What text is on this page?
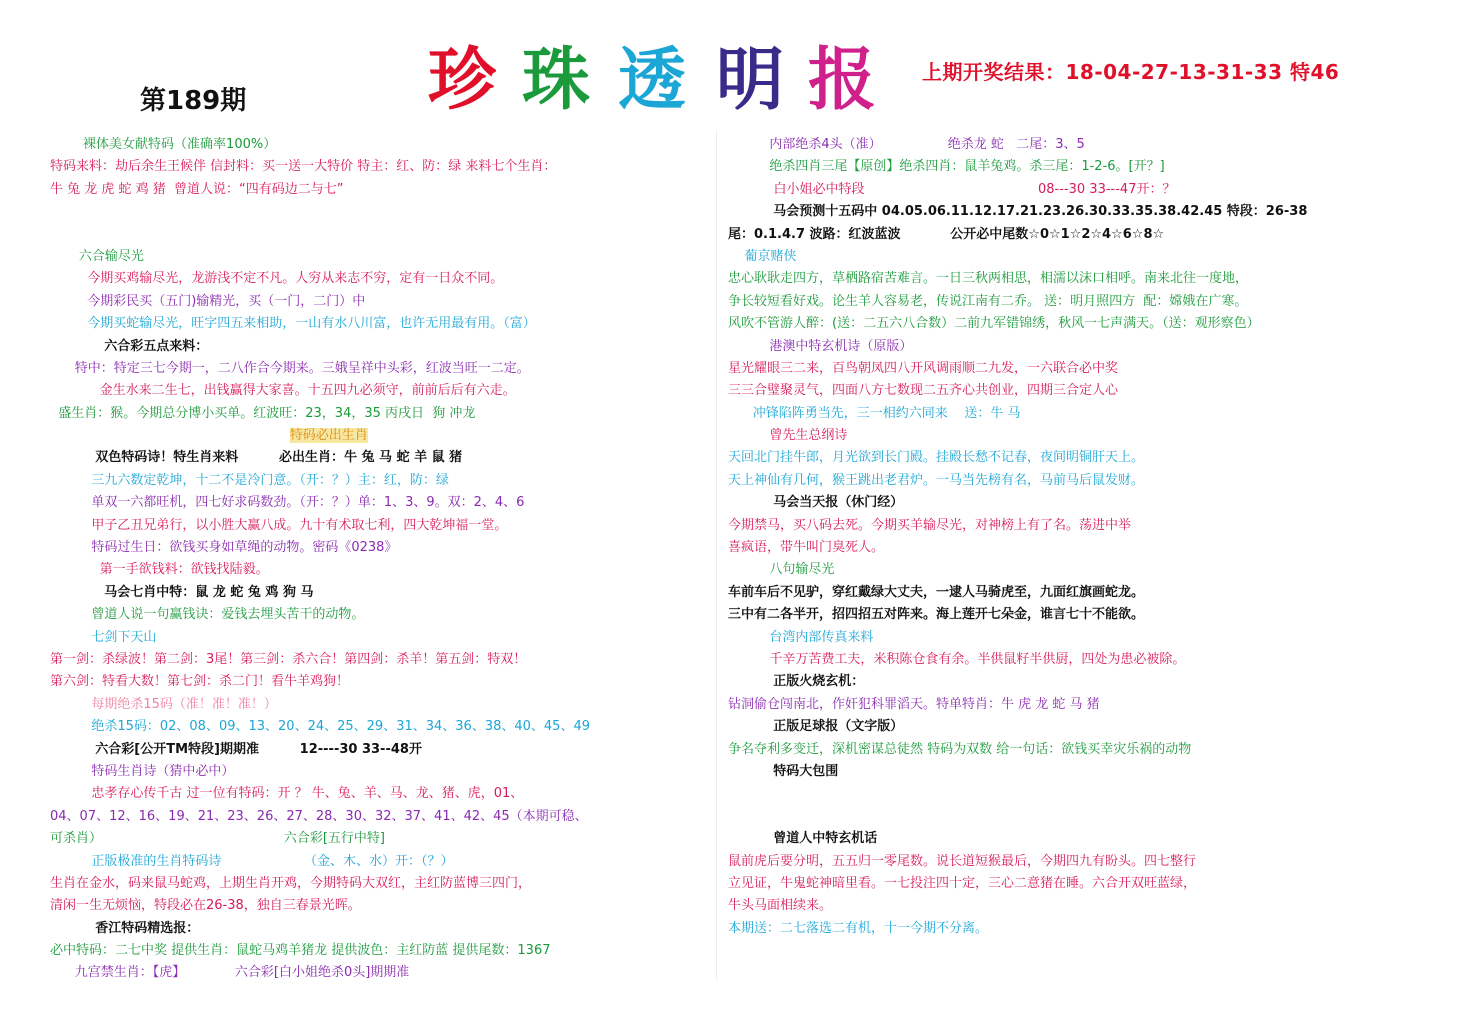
珍 珠 透 明 报
第189期
上期开奖结果：18-04-27-13-31-33 特46
裸体美女献特码（准确率100%）
特码来料：劫后余生王候伴 信封料：买一送一大特价 特主：红、防：绿 来料七个生肖：
牛 兔 龙 虎 蛇 鸡 猪  曾道人说：“四有码边二与七”
六合输尽光
今期买鸡输尽光，龙游浅不定不凡。人穷从来志不穷，定有一日众不同。
今期彩民买（五门)输精光，买（一门，二门）中
今期买蛇输尽光，旺字四五来相助，一山有水八川富，也许无用最有用。（富）
六合彩五点来料：
特中：特定三七今期一，二八作合今期来。三娥呈祥中头彩，红波当旺一二定。
金生水来二生七，出钱赢得大家喜。十五四九必须守，前前后后有六走。
盛生肖：猴。今期总分博小买单。红波旺：23，34，35 丙戌日  狗 冲龙
特码必出生肖
双色特码诗！特生肖来料         必出生肖：牛 兔 马 蛇 羊 鼠 猪
三九六数定乾坤，十二不是冷门意。（开：？）主：红，防：绿
单双一六都旺机，四七好求码数劲。（开：？）单：1、3、9。双：2、4、6
甲子乙丑兄弟行，以小胜大赢八成。九十有术取七利，四大乾坤福一堂。
特码过生日：欲钱买身如草绳的动物。密码《0238》
第一手欲钱料：欲钱找陆毅。
马会七肖中特：鼠 龙 蛇 兔 鸡 狗 马
曾道人说一句赢钱诀：爱钱去埋头苦干的动物。
七剑下天山
第一剑：杀绿波！第二剑：3尾！第三剑：杀六合！第四剑：杀羊！第五剑：特双！
第六剑：特看大数！第七剑：杀二门！看牛羊鸡狗！
每期绝杀15码（准！准！准！）
绝杀15码：02、08、09、13、20、24、25、29、31、34、36、38、40、45、49
六合彩[公开TM特段]期期准         12----30 33--48开
特码生肖诗（猜中必中）
忠孝存心传千古 过一位有特码：开 ？ 牛、兔、羊、马、龙、猪、虎，01、
04、07、12、16、19、21、23、26、27、28、30、32、37、41、42、45（本期可稳、
可杀肖）                                            六合彩[五行中特]
正版极准的生肖特码诗                    （金、木、水）开：（？）
生肖在金水，码来鼠马蛇鸡，上期生肖开鸡，今期特码大双红，主红防蓝博三四门，
清闲一生无烦恼，特段必在26-38，独自三春景光晖。
香江特码精选报：
必中特码：二七中奖 提供生肖：鼠蛇马鸡羊猪龙 提供波色：主红防蓝 提供尾数：1367
九宫禁生肖：【虎】            六合彩[白小姐绝杀0头]期期准
内部绝杀4头（准）                绝杀龙 蛇   二尾：3、5
绝杀四肖三尾【原创】绝杀四肖：鼠羊兔鸡。杀三尾：1-2-6。[开？]
白小姐必中特段                                          08---30 33---47开：？
马会预测十五码中 04.05.06.11.12.17.21.23.26.30.33.35.38.42.45 特段：26-38
尾：0.1.4.7 波路：红波蓝波           公开必中尾数☆0☆1☆2☆4☆6☆8☆
葡京赌侠
忠心耿耿走四方，草栖路宿苦难言。一日三秋两相思，相濡以沫口相呼。南来北往一度地，
争长较短看好戏。论生羊人容易老，传说江南有二乔。 送：明月照四方  配：嫦娥在广寒。
风吹不管游人醉：(送：二五六八合数）二前九军错锦绣，秋风一七声满天。（送：观形察色）
港澳中特玄机诗（原版）
星光耀眼三二来，百鸟朝凤四八开风调雨顺二九发，一六联合必中奖
三三合璧聚灵气，四面八方七数现二五齐心共创业，四期三合定人心
冲锋陷阵勇当先，三一相约六同来    送：牛 马
曾先生总纲诗
天回北门挂牛郎，月光欲到长门殿。挂殿长愁不记春，夜间明铜肝天上。
天上神仙有几何，猴王跳出老君炉。一马当先榜有名，马前马后鼠发财。
马会当天报（休门经）
今期禁马，买八码去死。今期买羊输尽光，对神榜上有了名。荡进中举
喜疯语，带牛叫门臭死人。
八句输尽光
车前车后不见驴，穿红戴绿大丈夫，一逮人马骑虎至，九面红旗画蛇龙。
三中有二各半开，招四招五对阵来。海上莲开七朵金，谁言七十不能欲。
台湾内部传真来料
千辛万苦费工夫，米积陈仓食有余。半供鼠籽半供厨，四处为患必被除。
正版火烧玄机：
钻洞偷仓闯南北，作奸犯科罪滔天。特单特肖：牛 虎 龙 蛇 马 猪
正版足球报（文字版）
争名夺利多变迁，深机密谋总徒然 特码为双数 给一句话：欲钱买幸灾乐祸的动物
特码大包围
曾道人中特玄机话
鼠前虎后要分明，五五归一零尾数。说长道短猴最后，今期四九有盼头。四七整行
立见证，牛鬼蛇神暗里看。一七投注四十定，三心二意猪在睡。六合开双旺蓝绿，
牛头马面相续来。
本期送：二七落选二有机，十一今期不分离。
